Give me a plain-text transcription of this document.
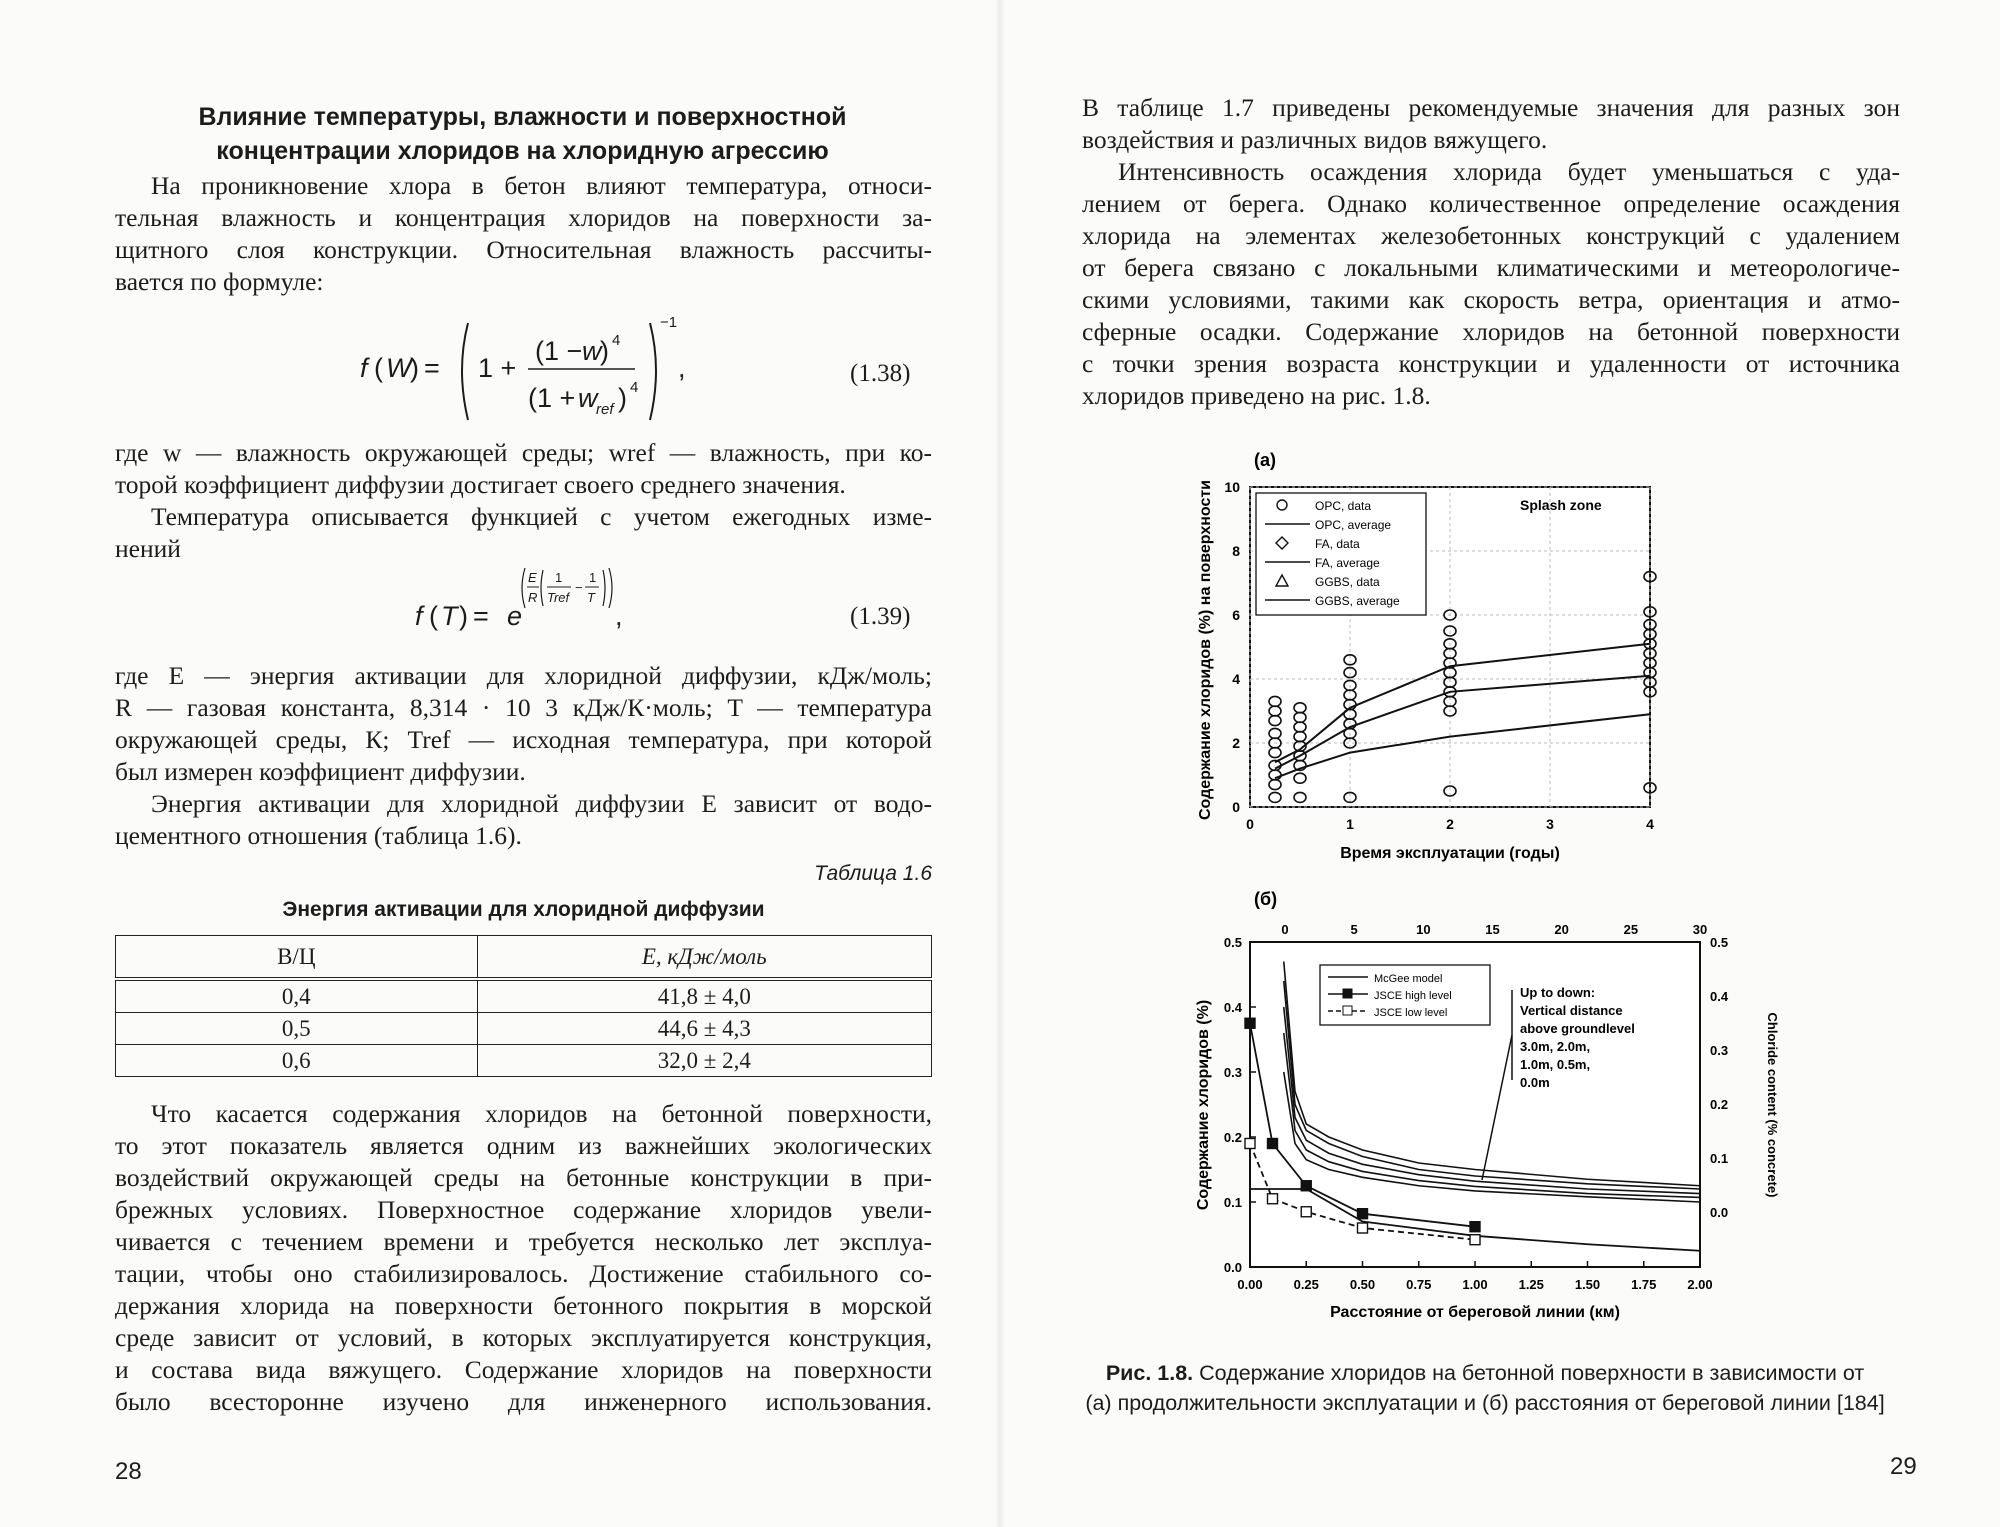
Влияние температуры, влажности и поверхностной
концентрации хлоридов на хлоридную агрессию
На проникновение хлора в бетон влияют температура, относи-
тельная влажность и концентрация хлоридов на поверхности за-
щитного слоя конструкции. Относительная влажность рассчиты-
вается по формуле:
f ( W
) = 1 +
(1 − w
) 4
(1 + w
ref ) 4
−1
,	(1.38)
где w — влажность окружающей среды; wref — влажность, при ко-
торой коэффициент диффузии достигает своего среднего значения.
Температура описывается функцией с учетом ежегодных измe-
нений
f ( T ) = e
E
R
1
Tref
−
1
T
,	(1.39)
где E — энергия активации для хлоридной диффузии, кДж/моль;
R — газовая константа, 8,314 · 10 3 кДж/К·моль; T — температура
окружающей среды, К; Tref — исходная температура, при которой
был измерен коэффициент диффузии.
Энергия активации для хлоридной диффузии E зависит от водо-
цементного отношения (таблица 1.6).
Таблица 1.6
Энергия активации для хлоридной диффузии
В/Ц	E, кДж/моль
0,4	41,8 ± 4,0
0,5	44,6 ± 4,3
0,6	32,0 ± 2,4
Что касается содержания хлоридов на бетонной поверхности,
то этот показатель является одним из важнейших экологических
воздействий окружающей среды на бетонные конструкции в при-
брежных условиях. Поверхностное содержание хлоридов увели-
чивается с течением времени и требуется несколько лет эксплуа-
тации, чтобы оно стабилизировалось. Достижение стабильного со-
держания хлорида на поверхности бетонного покрытия в морской
среде зависит от условий, в которых эксплуатируется конструкция,
и состава вида вяжущего. Содержание хлоридов на поверхности
было всесторонне изучено для инженерного использования.
28
В таблице 1.7 приведены рекомендуемые значения для разных зон
воздействия и различных видов вяжущего.
Интенсивность осаждения хлорида будет уменьшаться с уда-
лением от берега. Однако количественное определение осаждения
хлорида на элементах железобетонных конструкций с удалением
от берега связано с локальными климатическими и метеорологиче-
скими условиями, такими как скорость ветра, ориентация и атмо-
сферные осадки. Содержание хлоридов на бетонной поверхности
с точки зрения возраста конструкции и удаленности от источника
хлоридов приведено на рис. 1.8.
29
Рис. 1.8. Содержание хлоридов на бетонной поверхности в зависимости от
(а) продолжительности эксплуатации и (б) расстояния от береговой линии [184]
0
2
4
6
8
10
0	1	2	3	4
(а)
Splash zone
OPC, data
OPC, average
FA, data
FA, average
GGBS, data
GGBS, average
Время эксплуатации (годы)
Содержание хлоридов (%) на поверхности
0.0
0.1
0.2
0.3
0.4
0.5
0.00 0.25 0.50 0.75 1.00 1.25 1.50 1.75 2.00
0	5	10	15	20	25	30
0.0
0.1
0.2
0.3
0.4
0.5
(б)
McGee model
JSCE high level
JSCE low level
Up to down:
Vertical distance
above groundlevel
3.0m, 2.0m,
1.0m, 0.5m,
0.0m
Расстояние от береговой линии (км)
Содержание хлоридов (%)	Chloride content (% concrete)
